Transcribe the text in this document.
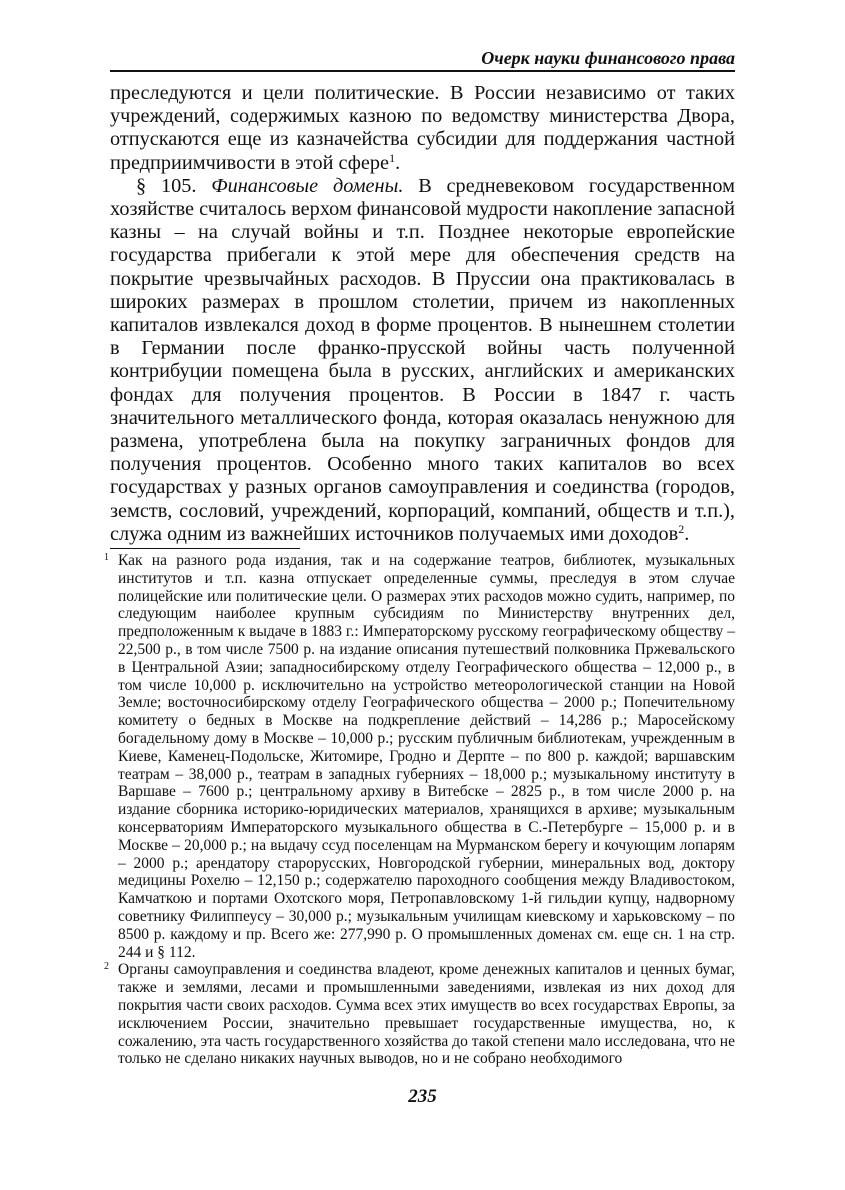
Очерк науки финансового права

преследуются и цели политические. В России независимо от таких учреждений, содержимых казною по ведомству министерства Двора, отпускаются еще из казначейства субсидии для поддержания частной предприимчивости в этой сфере$^1$.

§ 105. Финансовые домены. В средневековом государственном хозяйстве считалось верхом финансовой мудрости накопление запасной казны – на случай войны и т.п. Позднее некоторые европейские государства прибегали к этой мере для обеспечения средств на покрытие чрезвычайных расходов. В Пруссии она практиковалась в широких размерах в прошлом столетии, причем из накопленных капиталов извлекался доход в форме процентов. В нынешнем столетии в Германии после франко-прусской войны часть полученной контрибуции помещена была в русских, английских и американских фондах для получения процентов. В России в 1847 г. часть значительного металлического фонда, которая оказалась ненужною для размена, употреблена была на покупку заграничных фондов для получения процентов. Особенно много таких капиталов во всех государствах у разных органов самоуправления и соединства (городов, земств, сословий, учреждений, корпораций, компаний, обществ и т.п.), служа одним из важнейших источников получаемых ими доходов$^2$.

1 Как на разного рода издания, так и на содержание театров, библиотек, музыкальных институтов и т.п. казна отпускает определенные суммы, преследуя в этом случае полицейские или политические цели. О размерах этих расходов можно судить, например, по следующим наиболее крупным субсидиям по Министерству внутренних дел, предположенным к выдаче в 1883 г.: Императорскому русскому географическому обществу – 22,500 р., в том числе 7500 р. на издание описания путешествий полковника Пржевальского в Центральной Азии; западносибирскому отделу Географического общества – 12,000 р., в том числе 10,000 р. исключительно на устройство метеорологической станции на Новой Земле; восточносибирскому отделу Географического общества – 2000 р.; Попечительному комитету о бедных в Москве на подкрепление действий – 14,286 р.; Маросейскому богадельному дому в Москве – 10,000 р.; русским публичным библиотекам, учрежденным в Киеве, Каменец-Подольске, Житомире, Гродно и Дерпте – по 800 р. каждой; варшавским театрам – 38,000 р., театрам в западных губерниях – 18,000 р.; музыкальному институту в Варшаве – 7600 р.; центральному архиву в Витебске – 2825 р., в том числе 2000 р. на издание сборника историко-юридических материалов, хранящихся в архиве; музыкальным консерваториям Императорского музыкального общества в С.-Петербурге – 15,000 р. и в Москве – 20,000 р.; на выдачу ссуд поселенцам на Мурманском берегу и кочующим лопарям – 2000 р.; арендатору старорусских, Новгородской губернии, минеральных вод, доктору медицины Рохелю – 12,150 р.; содержателю пароходного сообщения между Владивостоком, Камчаткою и портами Охотского моря, Петропавловскому 1-й гильдии купцу, надворному советнику Филиппеусу – 30,000 р.; музыкальным училищам киевскому и харьковскому – по 8500 р. каждому и пр. Всего же: 277,990 р. О промышленных доменах см. еще сн. 1 на стр. 244 и § 112.

2 Органы самоуправления и соединства владеют, кроме денежных капиталов и ценных бумаг, также и землями, лесами и промышленными заведениями, извлекая из них доход для покрытия части своих расходов. Сумма всех этих имуществ во всех государствах Европы, за исключением России, значительно превышает государственные имущества, но, к сожалению, эта часть государственного хозяйства до такой степени мало исследована, что не только не сделано никаких научных выводов, но и не собрано необходимого

235
